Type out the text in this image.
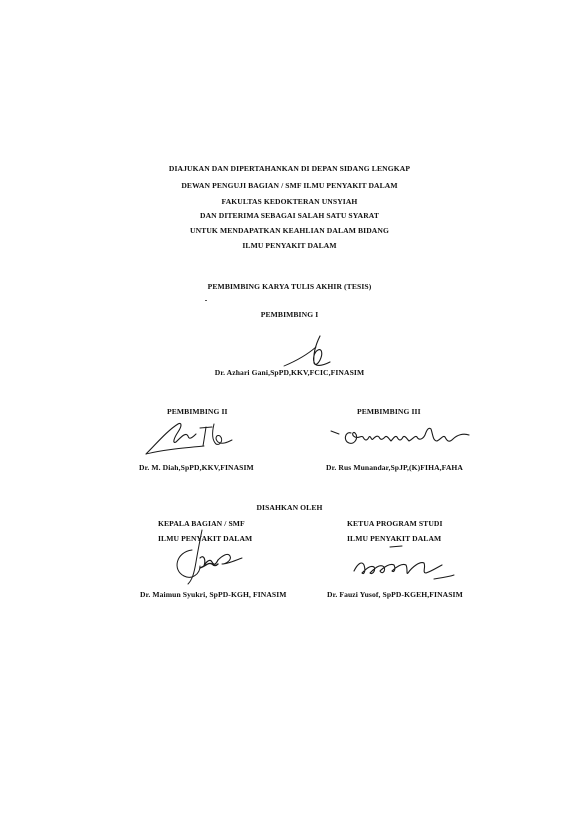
DIAJUKAN DAN DIPERTAHANKAN DI DEPAN SIDANG LENGKAP
DEWAN PENGUJI BAGIAN / SMF ILMU PENYAKIT DALAM
FAKULTAS KEDOKTERAN UNSYIAH
DAN DITERIMA SEBAGAI SALAH SATU SYARAT
UNTUK MENDAPATKAN KEAHLIAN DALAM BIDANG
ILMU PENYAKIT DALAM
PEMBIMBING KARYA TULIS AKHIR (TESIS)
PEMBIMBING I
Dr. Azhari Gani,SpPD,KKV,FCIC,FINASIM
PEMBIMBING II	PEMBIMBING III
Dr. M. Diah,SpPD,KKV,FINASIM	Dr. Rus Munandar,SpJP,(K)FIHA,FAHA
DISAHKAN OLEH
KEPALA BAGIAN / SMF	KETUA PROGRAM STUDI
ILMU PENYAKIT DALAM	ILMU PENYAKIT DALAM
Dr. Maimun Syukri, SpPD-KGH, FINASIM	Dr. Fauzi Yusof, SpPD-KGEH,FINASIM
